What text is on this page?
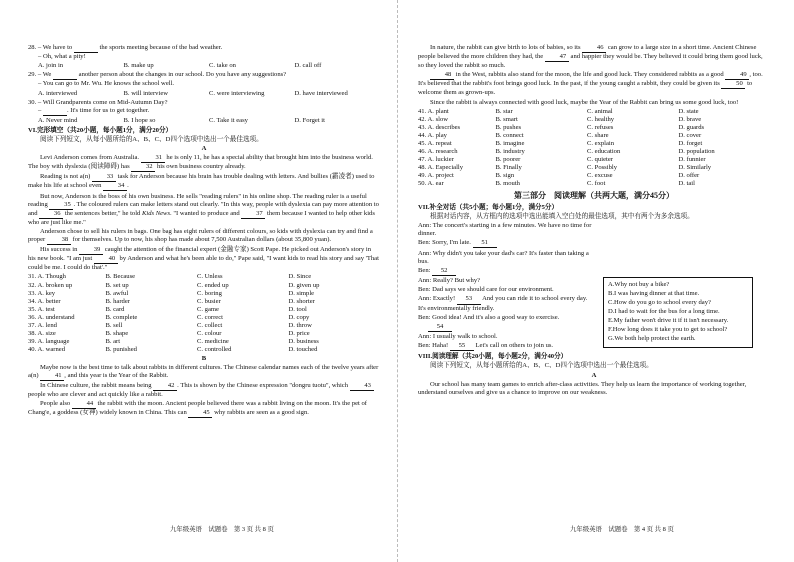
28. – We have to	the sports meeting because of the bad weather.
– Oh, what a pity!

A. join in	B. make up	C. take on	D. call off

29. – We	another person about the changes in our school. Do you have any suggestions?
– You can go to Mr. Wu. He knows the school well.

A. interviewed	B. will interview	C. were interviewing	D. have interviewed

30. – Will Grandparents come on Mid-Autumn Day?
–	. It's time for us to get together.

A. Never mind	B. I hope so	C. Take it easy	D. Forget it
VI.完形填空（共20小题，每小题1分，满分20分）

阅读下列短文，从每小题所给的A、B、C、D四个选项中选出一个最佳选项。

A

Levi Anderson comes from Australia. 31 he is only 11, he has a special ability that brought him into the business world. The boy with dyslexia (阅读障碍) has 32 his own business country already.

Reading is not a(n) 33 task for Anderson because his brain has trouble dealing with letters. And bullies (霸凌者) used to make his life at school even 34 .

But now, Anderson is the boss of his own business. He sells "reading rulers" in his online shop. The reading ruler is a useful reading 35 . The coloured rulers can make letters stand out clearly. "In this way, people with dyslexia can pay more attention to and 36 the sentences better," he told Kids News. "I wanted to produce and 37 them because I wanted to help other kids who are just like me."

Anderson chose to sell his rulers in bags. One bag has eight rulers of different colours, so kids with dyslexia can try and find a proper 38 for themselves. Up to now, his shop has made about 7,500 Australian dollars (about 35,800 yuan).

His success in 39 caught the attention of the financial expert (金融专家) Scott Pape. He picked out Anderson's story in his new book. "I am just 40 by Anderson and what he's been able to do," Pape said, "I want kids to read his story and say 'That could be me. I could do that'."

31. A. Though	B. Because	C. Unless	D. Since
32. A. broken up	B. set up	C. ended up	D. given up
33. A. key	B. awful	C. boring	D. simple
34. A. better	B. harder	C. busier	D. shorter
35. A. test	B. card	C. game	D. tool
36. A. understand	B. complete	C. correct	D. copy
37. A. lend	B. sell	C. collect	D. throw
38. A. size	B. shape	C. colour	D. price
39. A. language	B. art	C. medicine	D. business
40. A. warned	B. punished	C. controlled	D. touched
B

Maybe now is the best time to talk about rabbits in different cultures. The Chinese calendar names each of the twelve years after a(n) 41 , and this year is the Year of the Rabbit.

In Chinese culture, the rabbit means being 42 . This is shown by the Chinese expression "dongru tuotu", which 43 people who are clever and act quickly like a rabbit.

People also 44 the rabbit with the moon. Ancient people believed there was a rabbit living on the moon. It's the pet of Chang'e, a goddess (女神) widely known in China. This can 45 why rabbits are seen as a good sign.

九年级英语　试题卷　第 3 页 共 8 页

In nature, the rabbit can give birth to lots of babies, so its 46 can grow to a large size in a short time. Ancient Chinese people believed the more children they had, the 47 and happier they would be. They believed it could bring them good luck, so they loved the rabbit so much.

48 in the West, rabbits also stand for the moon, the life and good luck. They considered rabbits as a good 49 , too. It's believed that the rabbit's foot brings good luck. In the past, if the young caught a rabbit, they could be given its 50 to welcome them as grown-ups.

Since the rabbit is always connected with good luck, maybe the Year of the Rabbit can bring us some good luck, too!

41. A. plant	B. star	C. animal	D. state
42. A. slow	B. smart	C. healthy	D. brave
43. A. describes	B. pushes	C. refuses	D. guards
44. A. play	B. connect	C. share	D. cover
45. A. repeat	B. imagine	C. explain	D. forget
46. A. research	B. industry	C. education	D. population
47. A. luckier	B. poorer	C. quieter	D. funnier
48. A. Especially	B. Finally	C. Possibly	D. Similarly
49. A. project	B. sign	C. excuse	D. offer
50. A. ear	B. mouth	C. foot	D. tail
第三部分　阅读理解（共两大题，满分45分）
VII.补全对话（共5小题；每小题1分，满分5分）

根据对话内容，从方框内的选项中选出能填入空白处的最佳选项，其中有两个为多余选项。

Ann: The concert's starting in a few minutes. We have no time for dinner.

Ben: Sorry, I'm late. 51

Ann: Why didn't you take your dad's car? It's faster than taking a bus.

Ben: 52

Ann: Really? But why?

Ben: Dad says we should care for our environment.

Ann: Exactly! 53 And you can ride it to school every day. It's environmentally friendly.

Ben: Good idea! And it's also a good way to exercise.

54

Ann: I usually walk to school.

Ben: Haha! 55 Let's call on others to join us.

VIII.阅读理解（共20小题，每小题2分，满分40分）

阅读下列短文，从每小题所给的A、B、C、D四个选项中选出一个最佳选项。

A

Our school has many team games to enrich after-class activities. They help us learn the importance of working together, understand ourselves and give us a chance to improve on our weakness.

A.Why not buy a bike?
B.I was having dinner at that time.
C.How do you go to school every day?
D.I had to wait for the bus for a long time.
E.My father won't drive it if it isn't necessary.
F.How long does it take you to get to school?
G.We both help protect the earth.
九年级英语　试题卷　第 4 页 共 8 页
